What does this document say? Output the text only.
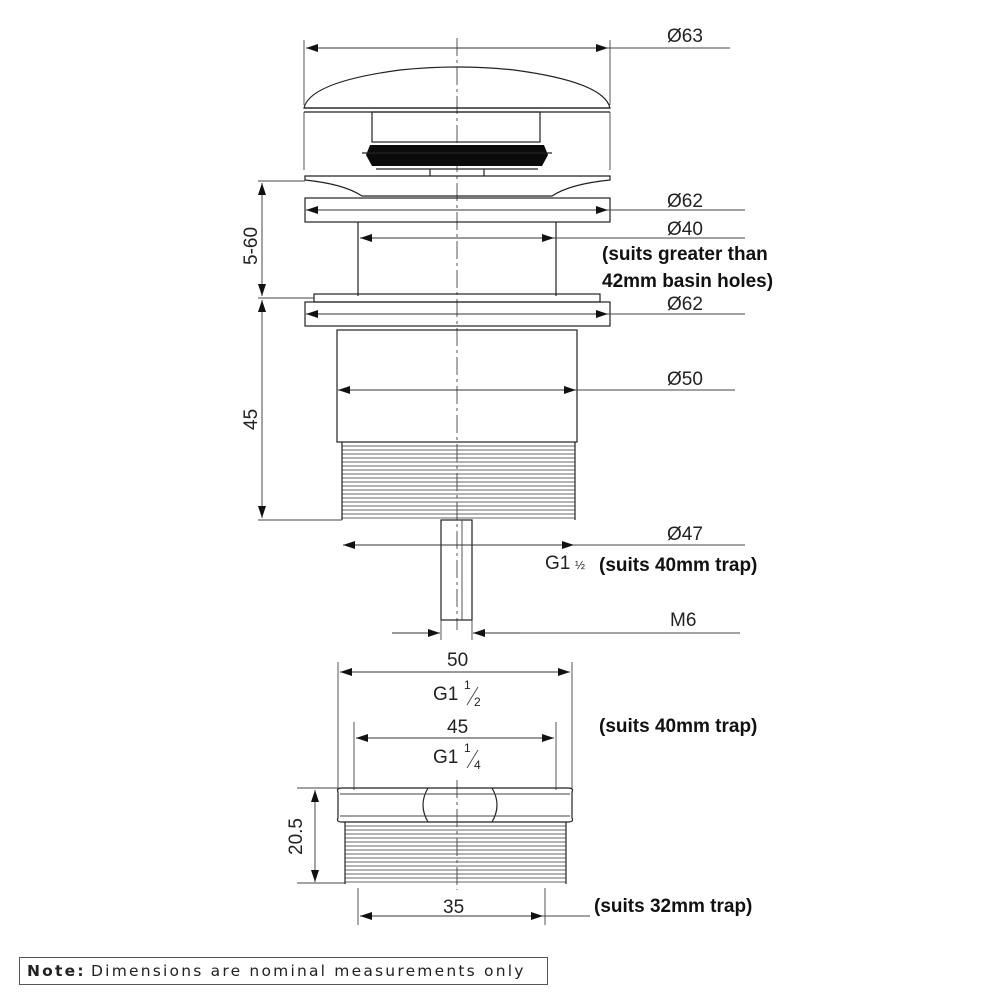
Ø63
Ø62
Ø40
(suits greater than
42mm basin holes)
Ø62
Ø50
Ø47
G1 ½ (suits 40mm trap)
M6
5-60
45
50
G1 1
2
45
G1 1
4
(suits 40mm trap)
20.5
35	(suits 32mm trap)
Note:  Dimensions are nominal measurements only
